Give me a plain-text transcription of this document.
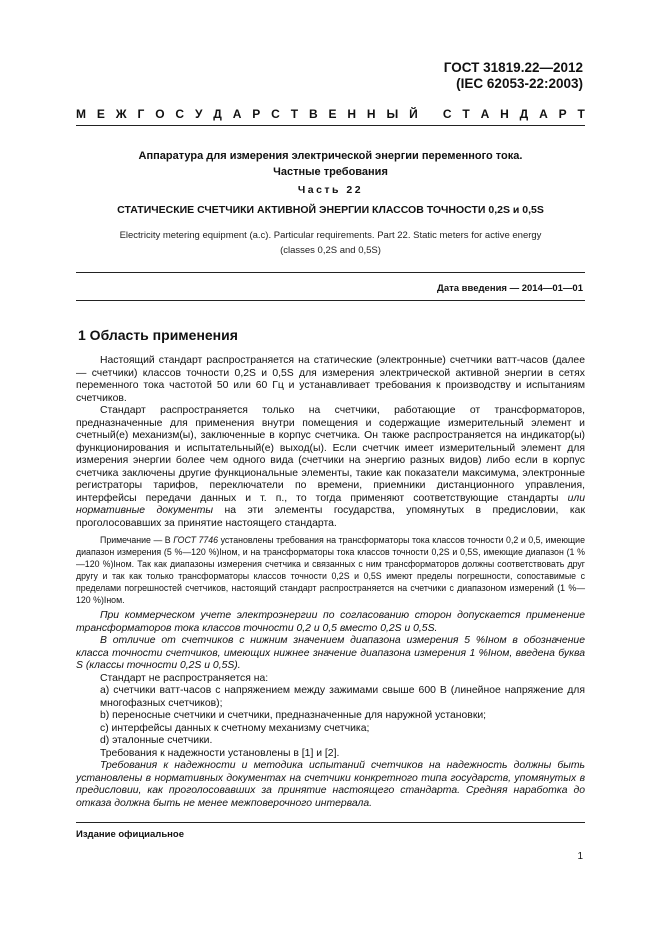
ГОСТ 31819.22—2012
(IEC 62053-22:2003)
М Е Ж Г О С У Д А Р С Т В Е Н Н Ы Й
С Т А Н Д А Р Т
Аппаратура для измерения электрической энергии переменного тока.
Частные требования
Часть 22
СТАТИЧЕСКИЕ СЧЕТЧИКИ АКТИВНОЙ ЭНЕРГИИ КЛАССОВ ТОЧНОСТИ 0,2S и 0,5S
Electricity metering equipment (a.c). Particular requirements. Part 22. Static meters for active energy
(classes 0,2S and 0,5S)
Дата введения — 2014—01—01
1 Область применения

Настоящий стандарт распространяется на статические (электронные) счетчики ватт-часов (далее — счетчики) классов точности 0,2S и 0,5S для измерения электрической активной энергии в сетях переменного тока частотой 50 или 60 Гц и устанавливает требования к производству и испытаниям счетчиков.

Стандарт распространяется только на счетчики, работающие от трансформаторов, предназначенные для применения внутри помещения и содержащие измерительный элемент и счетный(е) механизм(ы), заключенные в корпус счетчика. Он также распространяется на индикатор(ы) функционирования и испытательный(е) выход(ы). Если счетчик имеет измерительный элемент для измерения энергии более чем одного вида (счетчики на энергию разных видов) либо если в корпус счетчика заключены другие функциональные элементы, такие как показатели максимума, электронные регистраторы тарифов, переключатели по времени, приемники дистанционного управления, интерфейсы передачи данных и т. п., то тогда применяют соответствующие стандарты или нормативные документы на эти элементы государства, упомянутых в предисловии, как проголосовавших за принятие настоящего стандарта.

Примечание — В ГОСТ 7746 установлены требования на трансформаторы тока классов точности 0,2 и 0,5, имеющие диапазон измерения (5 %—120 %)Iном, и на трансформаторы тока классов точности 0,2S и 0,5S, имеющие диапазон (1 %—120 %)Iном. Так как диапазоны измерения счетчика и связанных с ним трансформаторов должны соответствовать друг другу и так как только трансформаторы классов точности 0,2S и 0,5S имеют пределы погрешности, сопоставимые с пределами погрешностей счетчиков, настоящий стандарт распространяется на счетчики с диапазоном измерений (1 %—120 %)Iном.

При коммерческом учете электроэнергии по согласованию сторон допускается применение трансформаторов тока классов точности 0,2 и 0,5 вместо 0,2S и 0,5S.

В отличие от счетчиков с нижним значением диапазона измерения 5 %Iном в обозначение класса точности счетчиков, имеющих нижнее значение диапазона измерения 1 %Iном, введена буква S (классы точности 0,2S и 0,5S).

Стандарт не распространяется на:

a) счетчики ватт-часов с напряжением между зажимами свыше 600 В (линейное напряжение для многофазных счетчиков);

b) переносные счетчики и счетчики, предназначенные для наружной установки;

c) интерфейсы данных к счетному механизму счетчика;

d) эталонные счетчики.

Требования к надежности установлены в [1] и [2].

Требования к надежности и методика испытаний счетчиков на надежность должны быть установлены в нормативных документах на счетчики конкретного типа государств, упомянутых в предисловии, как проголосовавших за принятие настоящего стандарта. Средняя наработка до отказа должна быть не менее межповерочного интервала.

Издание официальное
1
